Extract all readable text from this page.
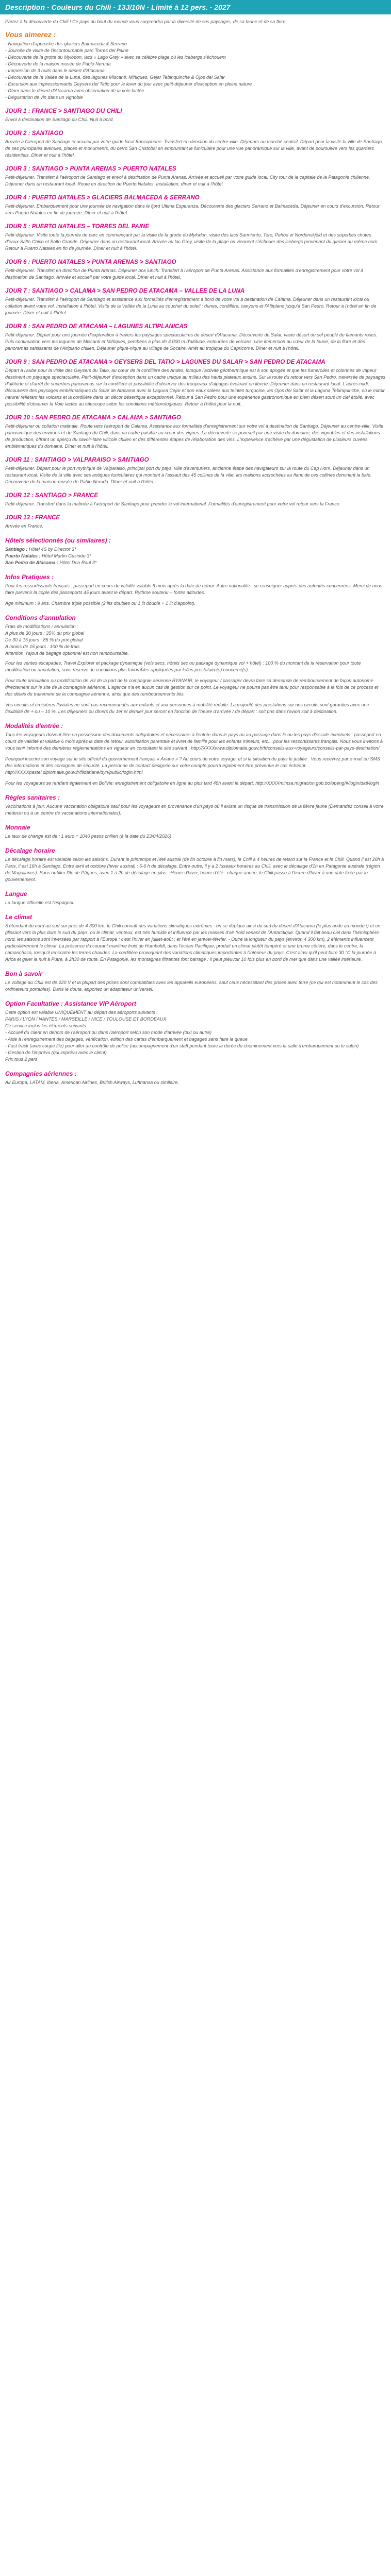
Description - Couleurs du Chili - 13J/10N - Limité à 12 pers. - 2027

Partez à la découverte du Chili ! Ce pays du bout du monde vous surprendra par la diversité de ses paysages, de sa faune et de sa flore.

Vous aimerez :

- Navigation d'approche des glaciers Balmaceda & Serrano

- Journée de visite de l'incontournable parc Torres del Paine

- Découverte de la grotte du Mylodon, lacs « Lago Grey » avec sa célèbre plage où les icebergs s'échouent

- Découverte de la maison musée de Pablo Neruda

- Immersion de 3 nuits dans le désert d'Atacama

- Découverte de la Vallée de la Luna, des lagunes Miscanti, Miñiques, Gejar Tebinquinche & Ojos del Salar

- Excursion aux impressionnants Geysers del Tatio pour le lever du jour avec petit-déjeuner d'exception en pleine nature

- Dîner dans le désert d'Atacama avec observation de la voie lactée

- Dégustation de vin dans un vignoble

JOUR 1 : FRANCE > SANTIAGO DU CHILI

Envol à destination de Santiago du Chili. Nuit à bord.

JOUR 2 : SANTIAGO

Arrivée à l'aéroport de Santiago et accueil par votre guide local francophone. Transfert en direction du centre-ville. Déjeuner au marché central. Départ pour la visite la ville de Santiago, de ses principales avenues, places et monuments, du cerro San Cristobal en empruntant le funiculaire pour une vue panoramique sur la ville, avant de poursuivre vers les quartiers résidentiels. Dîner et nuit à l'hôtel.

JOUR 3 : SANTIAGO > PUNTA ARENAS > PUERTO NATALES

Petit-déjeuner. Transfert à l'aéroport de Santiago et envol à destination de Punta Arenas. Arrivée et accueil par votre guide local. City tour de la capitale de la Patagonie chilienne. Déjeuner dans un restaurant local. Route en direction de Puerto Natales. Installation, dîner et nuit à l'hôtel.

JOUR 4 : PUERTO NATALES > GLACIERS BALMACEDA & SERRANO

Petit-déjeuner. Embarquement pour une journée de navigation dans le fjord Ultima Esperanza. Découverte des glaciers Serrano et Balmaceda. Déjeuner en cours d'excursion. Retour vers Puerto Natales en fin de journée. Dîner et nuit à l'hôtel.

JOUR 5 : PUERTO NATALES – TORRES DEL PAINE

Petit-déjeuner. Visite toute la journée du parc en commençant par la visite de la grotte du Mylodon, visite des lacs Sarmiento, Toro, Pehoe et Nordenskjöld et des superbes chutes d'eaux Salto Chico et Salto Grande. Déjeuner dans un restaurant local. Arrivée au lac Grey, visite de la plage où viennent s'échouer des icebergs provenant du glacier du même nom. Retour à Puerto Natales en fin de journée. Dîner et nuit à l'hôtel.

JOUR 6 : PUERTO NATALES > PUNTA ARENAS > SANTIAGO

Petit-déjeuner. Transfert en direction de Punta Arenas. Déjeuner box lunch. Transfert à l'aéroport de Punta Arenas. Assistance aux formalités d'enregistrement pour votre vol à destination de Santiago. Arrivée et accueil par votre guide local. Dîner et nuit à l'hôtel.

JOUR 7 : SANTIAGO > CALAMA > SAN PEDRO DE ATACAMA – VALLEE DE LA LUNA

Petit-déjeuner. Transfert à l'aéroport de Santiago et assistance aux formalités d'enregistrement à bord de votre vol à destination de Calama. Déjeuner dans un restaurant local ou collation avant votre vol. Installation à l'hôtel. Visite de la Vallée de la Luna au coucher du soleil : dunes, cordillère, canyons et l'Altiplano jusqu'à San Pedro. Retour à l'hôtel en fin de journée. Dîner et nuit à l'hôtel.

JOUR 8 : SAN PEDRO DE ATACAMA – LAGUNES ALTIPLANICAS

Petit-déjeuner. Départ pour une journée d'exploration à travers les paysages spectaculaires du désert d'Atacama. Découverte du Salar, vaste désert de sel peuplé de flamants roses. Puis continuation vers les lagunes de Miscanti et Miñiques, perchées à plus de 4 000 m d'altitude, entourées de volcans. Une immersion au cœur de la faune, de la flore et des panoramas saisissants de l'Altiplano chilien. Déjeuner pique-nique au village de Socaire. Arrêt au tropique du Capricorne. Dîner et nuit à l'hôtel.

JOUR 9 : SAN PEDRO DE ATACAMA > GEYSERS DEL TATIO > LAGUNES DU SALAR > SAN PEDRO DE ATACAMA

Départ à l'aube pour la visite des Geysers du Tatio, au cœur de la cordillère des Andes, lorsque l'activité géothermique est à son apogée et que les fumerolles et colonnes de vapeur dessinent un paysage spectaculaire. Petit-déjeuner d'exception dans un cadre unique au milieu des hauts plateaux andins. Sur la route du retour vers San Pedro, traversée de paysages d'altitude et d'arrêt de superbes panoramas sur la cordillère et possibilité d'observer des troupeaux d'alpagas évoluant en liberté. Déjeuner dans un restaurant local. L'après-midi, découverte des paysages emblématiques du Salar de Atacama avec la Laguna Cejar et son eaux salées aux teintes turquoise, les Ojos del Salar et la Laguna Tebinquinche, où le miroir naturel reflétant les volcans et la cordillère dans un décor désertique exceptionnel. Retour à San Pedro pour une expérience gastronomique en plein désert sous un ciel étoilé, avec possibilité d'observer la Voie lactée au télescope selon les conditions météorologiques. Retour à l'hôtel pour la nuit.

JOUR 10 : SAN PEDRO DE ATACAMA > CALAMA > SANTIAGO

Petit-déjeuner ou collation matinale. Route vers l'aéroport de Calama. Assistance aux formalités d'enregistrement sur votre vol à destination de Santiago. Déjeuner au centre-ville. Visite panoramique des environs et de Santiago du Chili, dans un cadre paisible au cœur des vignes. La découverte se poursuit par une visite du domaine, des vignobles et des installations de production, offrant un aperçu du savoir-faire viticole chilien et des différentes étapes de l'élaboration des vins. L'expérience s'achève par une dégustation de plusieurs cuvées emblématiques du domaine. Dîner et nuit à l'hôtel.

JOUR 11 : SANTIAGO > VALPARAISO > SANTIAGO

Petit-déjeuner. Départ pour le port mythique de Valparaiso, principal port du pays, ville d'aventuriers, ancienne étape des navigateurs sur la route du Cap Horn. Déjeuner dans un restaurant local. Visite de la ville avec ses antiques funiculaires qui montent à l'assaut des 45 collines de la ville, les maisons accrochées au flanc de ces collines dominent la baie. Découverte de la maison-musée de Pablo Neruda. Dîner et nuit à l'hôtel.

JOUR 12 : SANTIAGO > FRANCE

Petit-déjeuner. Transfert dans la matinée à l'aéroport de Santiago pour prendre le vol international. Formalités d'enregistrement pour votre vol retour vers la France.

JOUR 13 : FRANCE

Arrivée en France.

Hôtels sélectionnés (ou similaires) :
Santiago : Hôtel 4S by Director 3*
Puerto Natales : Hôtel Martin Gusinde 3*
San Pedro de Atacama : Hôtel Don Raul 3*
Infos Pratiques :

Pour les ressortissants français : passeport en cours de validité valable 6 mois après la date de retour. Autre nationalité : se renseigner auprès des autorités concernées. Merci de nous faire parvenir la copie des passeports 45 jours avant le départ. Rythme soutenu – fortes altitudes.

Age minimum : 9 ans. Chambre triple possible (2 lits doubles ou 1 lit double + 1 lit d'appoint).

Conditions d'annulation

Frais de modifications / annulation :

A plus de 30 jours : 35% du prix global

De 30 à 15 jours : 85 % du prix global

A moins de 15 jours : 100 % de frais

Attention, l'ajout de bagage optionnel est non remboursable.

Pour les ventes escapades, Travel Explorer et package dynamique (vols secs, hôtels sec ou package dynamique vol + hôtel) : 100 % du montant de la réservation pour toute modification ou annulation, sous réserve de conditions plus favorables appliquées par le/les prestataire(s) concerné(s).

Pour toute annulation ou modification de vol de la part de la compagnie aérienne RYANAIR, le voyageur / passager devra faire sa demande de remboursement de façon autonome directement sur le site de la compagnie aérienne. L'agence n'a en aucun cas de gestion sur ce point. Le voyageur ne pourra pas être tenu pour responsable à la fois de ce process et des délais de traitement de la compagnie aérienne, ainsi que des remboursements liés.

Vos circuits et croisières fluviales ne sont pas recommandés aux enfants et aux personnes à mobilité réduite. La majorité des prestations sur nos circuits sont garanties avec une flexibilité de + ou – 10 %. Les déjeuners ou dîners du 1er et dernier jour seront en fonction de l'heure d'arrivée / de départ : soit pris dans l'avion soit à destination.

Modalités d'entrée :

Tous les voyageurs doivent être en possession des documents obligatoires et nécessaires à l'entrée dans le pays ou au passage dans le ou les pays d'escale éventuels : passeport en cours de validité et valable 6 mois après la date de retour, autorisation parentale et livret de famille pour les enfants mineurs, etc... pour les ressortissants français. Nous vous invitons à vous tenir informé des dernières réglementations en vigueur en consultant le site suivant : http://XXXXwww.diplomatie.gouv.fr/fr/conseils-aux-voyageurs/conseils-par-pays-destination/

Pourquoi inscrire son voyage sur le site officiel du gouvernement français « Ariane » ? Au cours de votre voyage, et si la situation du pays le justifie : Vous recevrez par e-mail ou SMS des informations et des consignes de sécurité. La personne de contact désignée sur votre compte pourra également être prévenue le cas échéant. http://XXXXpastel.diplomatie.gouv.fr/fildariane/dyn/public/login.html

Pour les voyageurs se rendant également en Bolivie: enregistrement obligatoire en ligne au plus tard 48h avant le départ. http://XXXXmimsa.migracion.gob.bo/openg/#/login/datl/login

Règles sanitaires :

Vaccinations à jour. Aucune vaccination obligatoire sauf pour les voyageurs en provenance d'un pays où il existe un risque de transmission de la fièvre jaune (Demandez conseil à votre médecin ou à un centre de vaccinations internationales).

Monnaie

Le taux de change est de : 1 euro = 1040 pesos chilien (à la date du 23/04/2026)

Décalage horaire

Le décalage horaire est variable selon les saisons. Durant le printemps et l'été austral (de fin octobre à fin mars), le Chili a 4 heures de retard sur la France et le Chili. Quand il est 20h à Paris, il est 16h à Santiago. Entre avril et octobre (hiver austral) : 5-6 h de décalage. Entre outre, il y a 2 fuseaux horaires au Chili, avec le décalage d'1h en Patagonie australe (région de Magallanes). Sans oublier l'île de Pâques, avec 1 à 2h de décalage en plus. -Heure d'hiver, heure d'été : chaque année, le Chili passe à l'heure d'hiver à une date fixée par le gouvernement.

Langue

La langue officielle est l'espagnol.

Le climat

S'étendant du nord au sud sur près de 4 300 km, le Chili connaît des variations climatiques extrêmes : on se déplace ainsi du sud du désert d'Atacama (le plus aride au monde !) et en glissant vers la plus dure le sud du pays, où le climat, venteux, est très humide et influencé par les masses d'air froid venant de l'Antarctique. Quand il fait beau ciel dans l'hémisphère nord, les saisons sont inversées par rapport à l'Europe : c'est l'hiver en juillet-août ; et l'été en janvier-février. - Outre la longueur du pays (environ 4 300 km), 2 éléments influencent particulièrement le climat. La présence du courant maritime froid de Humboldt, dans l'océan Pacifique, produit un climat plutôt tempéré et une brume côtière, dans le centre, la camanchaca, lorsqu'il rencontre les terres chaudes. La cordillère provoquant des variations climatiques importantes à l'intérieur du pays. C'est ainsi qu'il peut faire 30 °C la journée à Arica et geler la nuit à Putre, à 2h30 de route. En Patagonie, les montagnes filtrantes font barrage : il peut pleuvoir 10 fois plus en bord de mer que dans une vallée intérieure.

Bon à savoir

Le voltage au Chili est de 220 V et la plupart des prises sont compatibles avec les appareils européens, sauf ceux nécessitant des prises avec terre (ce qui est notamment le cas des ordinateurs portables). Dans le doute, apportez un adaptateur universel.

Option Facultative : Assistance VIP Aéroport

Cette option est valable UNIQUEMENT au départ des aéroports suivants :

PARIS / LYON / NANTES / MARSEILLE / NICE / TOULOUSE ET BORDEAUX

Ce service inclus les éléments suivants :

- Accueil du client en dehors de l'aéroport ou dans l'aéroport selon son mode d'arrivée (taxi ou autre)

- Aide à l'enregistrement des bagages, vérification, édition des cartes d'embarquement et bagages sans faire la queue

- Fast track (avec coupe file) pour aller au contrôle de police (accompagnement d'un staff pendant toute la durée du cheminement vers la salle d'embarquement ou le salon)

- Gestion de l'imprévu (qui imprévu avec le client)

Prix tous 2 pers

Compagnies aériennes :

Air Europa, LATAM, Iberia, American Airlines, British Airways, Lufthansa ou similaire.
